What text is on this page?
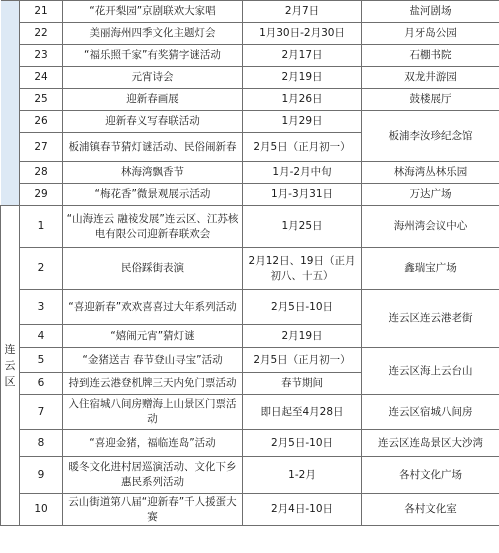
	21	“花开梨园”京剧联欢大家唱	2月7日	盐河剧场
	22	美丽海州四季文化主题灯会	1月30日-2月30日	月牙岛公园
	23	“福乐照千家”有奖猜字谜活动	2月17日	石棚书院
	24	元宵诗会	2月19日	双龙井游园
	25	迎新春画展	1月26日	鼓楼展厅
	26	迎新春义写春联活动	1月29日	板浦李汝珍纪念馆
	27	板浦镇春节猜灯谜活动、民俗闹新春	2月5日（正月初一）	
	28	林海湾飘香节	1月-2月中旬	林海湾丛林乐园
	29	“梅花香”微景观展示活动	1月-3月31日	万达广场
连云区	1	“山海连云 融祾发展”连云区、江苏核电有限公司迎新春联欢会	1月25日	海州湾会议中心
	2	民俗踩街表演	2月12日、19日（正月初八、十五）	鑫瑞宝广场
	3	“喜迎新春”欢欢喜喜过大年系列活动	2月5日-10日	连云区连云港老街
	4	“嬉闹元宵”猜灯谜	2月19日	
	5	“金猪送吉 春节登山寻宝”活动	2月5日（正月初一）	连云区海上云台山
	6	持到连云港登机牌三天内免门票活动	春节期间	
	7	入住宿城八间房赠海上山景区门票活动	即日起至4月28日	连云区宿城八间房
	8	“喜迎金猪，福临连岛”活动	2月5日-10日	连云区连岛景区大沙湾
	9	暖冬文化进村居巡演活动、文化下乡惠民系列活动	1-2月	各村文化广场
	10	云山街道第八届“迎新春”千人援蛋大赛	2月4日-10日	各村文化室
